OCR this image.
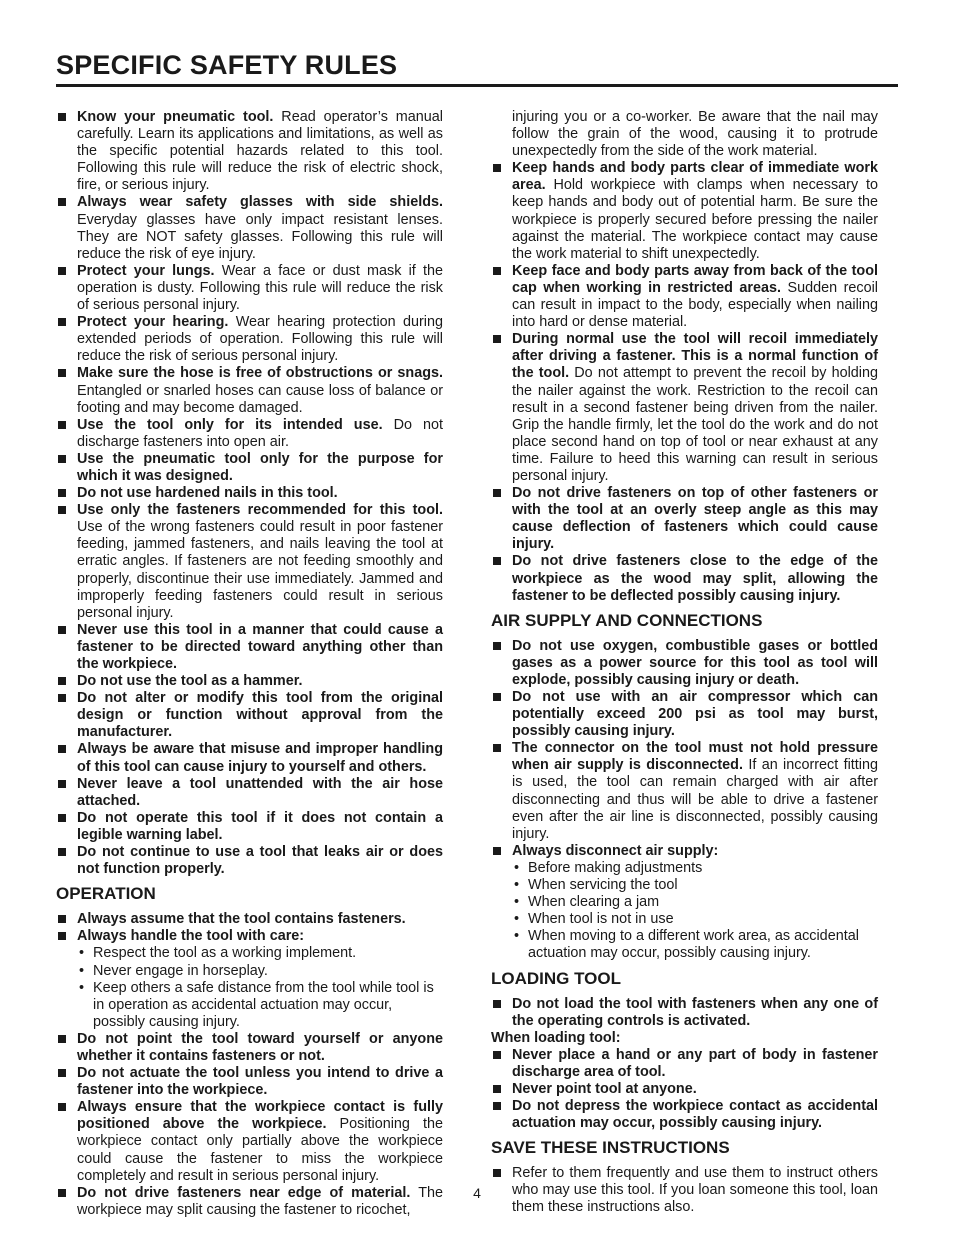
SPECIFIC SAFETY RULES
Know your pneumatic tool. Read operator’s manual carefully. Learn its applications and limitations, as well as the specific potential hazards related to this tool. Following this rule will reduce the risk of electric shock, fire, or serious injury.
Always wear safety glasses with side shields. Everyday glasses have only impact resistant lenses. They are NOT safety glasses. Following this rule will reduce the risk of eye injury.
Protect your lungs. Wear a face or dust mask if the operation is dusty. Following this rule will reduce the risk of serious personal injury.
Protect your hearing. Wear hearing protection during extended periods of operation. Following this rule will reduce the risk of serious personal injury.
Make sure the hose is free of obstructions or snags. Entangled or snarled hoses can cause loss of balance or footing and may become damaged.
Use the tool only for its intended use. Do not discharge fasteners into open air.
Use the pneumatic tool only for the purpose for which it was designed.
Do not use hardened nails in this tool.
Use only the fasteners recommended for this tool. Use of the wrong fasteners could result in poor fastener feeding, jammed fasteners, and nails leaving the tool at erratic angles. If fasteners are not feeding smoothly and properly, discontinue their use immediately. Jammed and improperly feeding fasteners could result in serious personal injury.
Never use this tool in a manner that could cause a fastener to be directed toward anything other than the workpiece.
Do not use the tool as a hammer.
Do not alter or modify this tool from the original design or function without approval from the manufacturer.
Always be aware that misuse and improper handling of this tool can cause injury to yourself and others.
Never leave a tool unattended with the air hose attached.
Do not operate this tool if it does not contain a legible warning label.
Do not continue to use a tool that leaks air or does not function properly.
OPERATION
Always assume that the tool contains fasteners.
Always handle the tool with care:
• Respect the tool as a working implement.
• Never engage in horseplay.
• Keep others a safe distance from the tool while tool is in operation as accidental actuation may occur, possibly causing injury.
Do not point the tool toward yourself or anyone whether it contains fasteners or not.
Do not actuate the tool unless you intend to drive a fastener into the workpiece.
Always ensure that the workpiece contact is fully positioned above the workpiece. Positioning the workpiece contact only partially above the workpiece could cause the fastener to miss the workpiece completely and result in serious personal injury.
Do not drive fasteners near edge of material. The workpiece may split causing the fastener to ricochet,
injuring you or a co-worker. Be aware that the nail may follow the grain of the wood, causing it to protrude unexpectedly from the side of the work material.
Keep hands and body parts clear of immediate work area. Hold workpiece with clamps when necessary to keep hands and body out of potential harm. Be sure the workpiece is properly secured before pressing the nailer against the material. The workpiece contact may cause the work material to shift unexpectedly.
Keep face and body parts away from back of the tool cap when working in restricted areas. Sudden recoil can result in impact to the body, especially when nailing into hard or dense material.
During normal use the tool will recoil immediately after driving a fastener. This is a normal function of the tool. Do not attempt to prevent the recoil by holding the nailer against the work. Restriction to the recoil can result in a second fastener being driven from the nailer. Grip the handle firmly, let the tool do the work and do not place second hand on top of tool or near exhaust at any time. Failure to heed this warning can result in serious personal injury.
Do not drive fasteners on top of other fasteners or with the tool at an overly steep angle as this may cause deflection of fasteners which could cause injury.
Do not drive fasteners close to the edge of the workpiece as the wood may split, allowing the fastener to be deflected possibly causing injury.
AIR SUPPLY AND CONNECTIONS
Do not use oxygen, combustible gases or bottled gases as a power source for this tool as tool will explode, possibly causing injury or death.
Do not use with an air compressor which can potentially exceed 200 psi as tool may burst, possibly causing injury.
The connector on the tool must not hold pressure when air supply is disconnected. If an incorrect fitting is used, the tool can remain charged with air after disconnecting and thus will be able to drive a fastener even after the air line is disconnected, possibly causing injury.
Always disconnect air supply:
• Before making adjustments
• When servicing the tool
• When clearing a jam
• When tool is not in use
• When moving to a different work area, as accidental actuation may occur, possibly causing injury.
LOADING TOOL
Do not load the tool with fasteners when any one of the operating controls is activated.
When loading tool:
Never place a hand or any part of body in fastener discharge area of tool.
Never point tool at anyone.
Do not depress the workpiece contact as accidental actuation may occur, possibly causing injury.
SAVE THESE INSTRUCTIONS
Refer to them frequently and use them to instruct others who may use this tool. If you loan someone this tool, loan them these instructions also.
4
